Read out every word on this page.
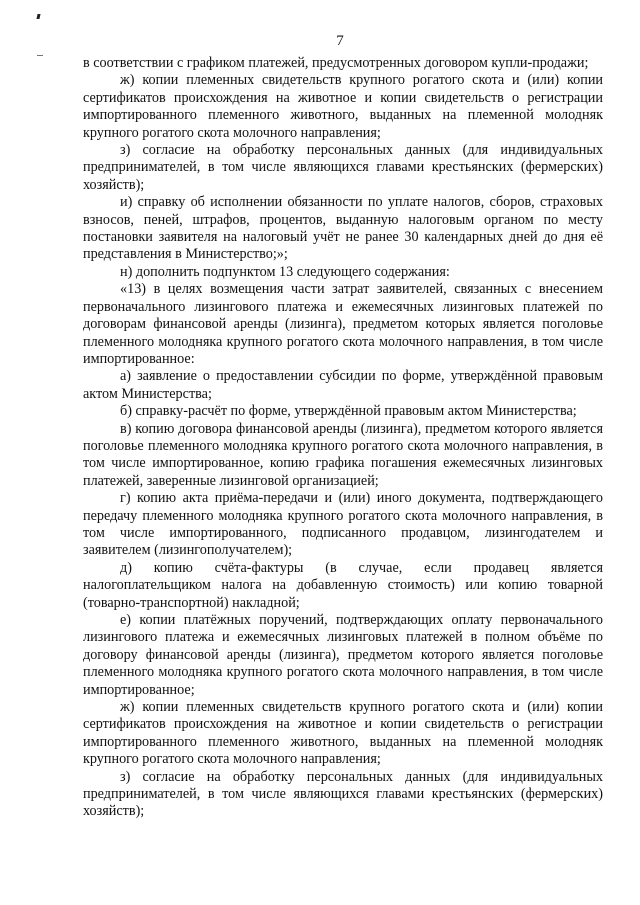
7

в соответствии с графиком платежей, предусмотренных договором купли-продажи;

ж) копии племенных свидетельств крупного рогатого скота и (или) копии сертификатов происхождения на животное и копии свидетельств о регистрации импортированного племенного животного, выданных на племенной молодняк крупного рогатого скота молочного направления;

з) согласие на обработку персональных данных (для индивидуальных предпринимателей, в том числе являющихся главами крестьянских (фермерских) хозяйств);

и) справку об исполнении обязанности по уплате налогов, сборов, страховых взносов, пеней, штрафов, процентов, выданную налоговым органом по месту постановки заявителя на налоговый учёт не ранее 30 календарных дней до дня её представления в Министерство;»;

н) дополнить подпунктом 13 следующего содержания:

«13) в целях возмещения части затрат заявителей, связанных с внесением первоначального лизингового платежа и ежемесячных лизинговых платежей по договорам финансовой аренды (лизинга), предметом которых является поголовье племенного молодняка крупного рогатого скота молочного направления, в том числе импортированное:

а) заявление о предоставлении субсидии по форме, утверждённой правовым актом Министерства;

б) справку-расчёт по форме, утверждённой правовым актом Министерства;

в) копию договора финансовой аренды (лизинга), предметом которого является поголовье племенного молодняка крупного рогатого скота молочного направления, в том числе импортированное, копию графика погашения ежемесячных лизинговых платежей, заверенные лизинговой организацией;

г) копию акта приёма-передачи и (или) иного документа, подтверждающего передачу племенного молодняка крупного рогатого скота молочного направления, в том числе импортированного, подписанного продавцом, лизингодателем и заявителем (лизингополучателем);

д) копию счёта-фактуры (в случае, если продавец является налогоплательщиком налога на добавленную стоимость) или копию товарной (товарно-транспортной) накладной;

е) копии платёжных поручений, подтверждающих оплату первоначального лизингового платежа и ежемесячных лизинговых платежей в полном объёме по договору финансовой аренды (лизинга), предметом которого является поголовье племенного молодняка крупного рогатого скота молочного направления, в том числе импортированное;

ж) копии племенных свидетельств крупного рогатого скота и (или) копии сертификатов происхождения на животное и копии свидетельств о регистрации импортированного племенного животного, выданных на племенной молодняк крупного рогатого скота молочного направления;

з) согласие на обработку персональных данных (для индивидуальных предпринимателей, в том числе являющихся главами крестьянских (фермерских) хозяйств);
